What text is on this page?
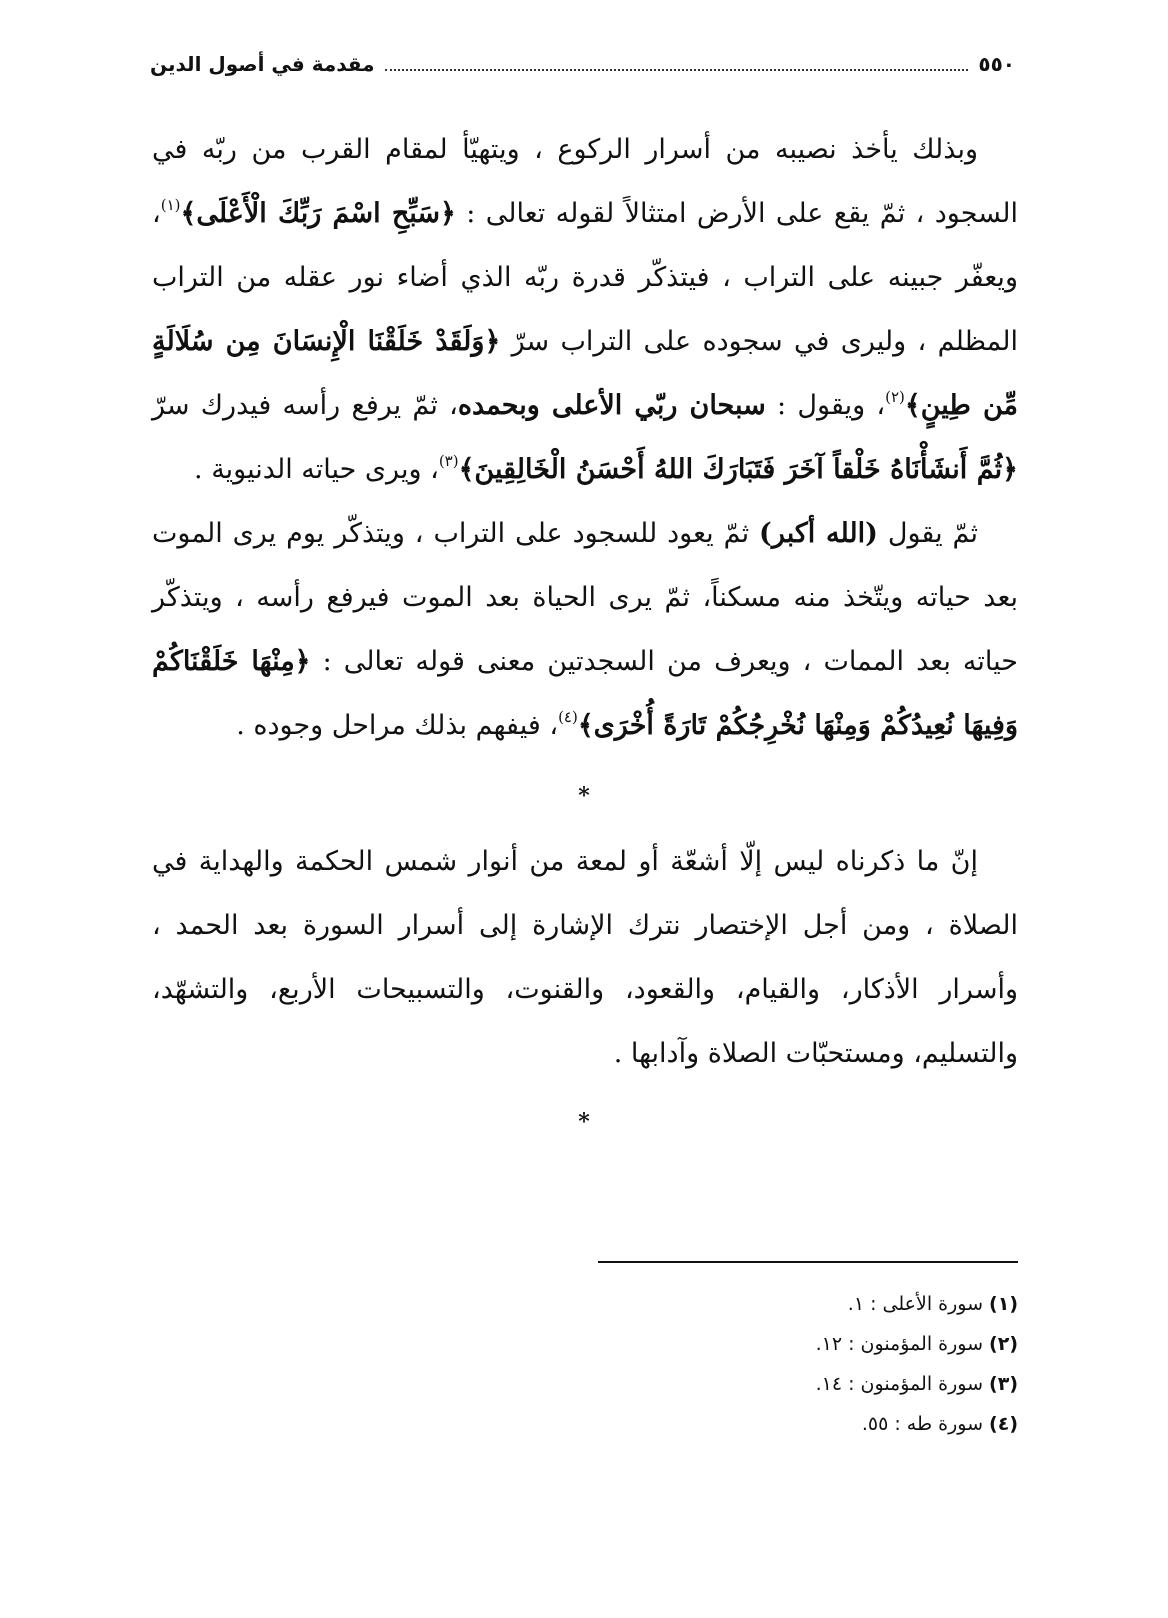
مقدمة في أصول الدين	٥٥٠

وبذلك يأخذ نصيبه من أسرار الركوع ، ويتهيّأ لمقام القرب من ربّه في السجود ، ثمّ يقع على الأرض امتثالاً لقوله تعالى : ﴿سَبِّحِ اسْمَ رَبِّكَ الْأَعْلَى﴾$^{(١)}$، ويعفّر جبينه على التراب ، فيتذكّر قدرة ربّه الذي أضاء نور عقله من التراب المظلم ، وليرى في سجوده على التراب سرّ ﴿وَلَقَدْ خَلَقْنَا الْإِنسَانَ مِن سُلَالَةٍ مِّن طِينٍ﴾$^{(٢)}$، ويقول : سبحان ربّي الأعلى وبحمده، ثمّ يرفع رأسه فيدرك سرّ ﴿ثُمَّ أَنشَأْنَاهُ خَلْقاً آخَرَ فَتَبَارَكَ اللهُ أَحْسَنُ الْخَالِقِينَ﴾$^{(٣)}$، ويرى حياته الدنيوية .

ثمّ يقول (الله أكبر) ثمّ يعود للسجود على التراب ، ويتذكّر يوم يرى الموت بعد حياته ويتّخذ منه مسكناً، ثمّ يرى الحياة بعد الموت فيرفع رأسه ، ويتذكّر حياته بعد الممات ، ويعرف من السجدتين معنى قوله تعالى : ﴿مِنْهَا خَلَقْنَاكُمْ وَفِيهَا نُعِيدُكُمْ وَمِنْهَا نُخْرِجُكُمْ تَارَةً أُخْرَى﴾$^{(٤)}$، فيفهم بذلك مراحل وجوده .

*

إنّ ما ذكرناه ليس إلّا أشعّة أو لمعة من أنوار شمس الحكمة والهداية في الصلاة ، ومن أجل الإختصار نترك الإشارة إلى أسرار السورة بعد الحمد ، وأسرار الأذكار، والقيام، والقعود، والقنوت، والتسبيحات الأربع، والتشهّد، والتسليم، ومستحبّات الصلاة وآدابها .

*
(١)سورة الأعلى : ١.
(٢)سورة المؤمنون : ١٢.
(٣)سورة المؤمنون : ١٤.
(٤)سورة طه : ٥٥.
